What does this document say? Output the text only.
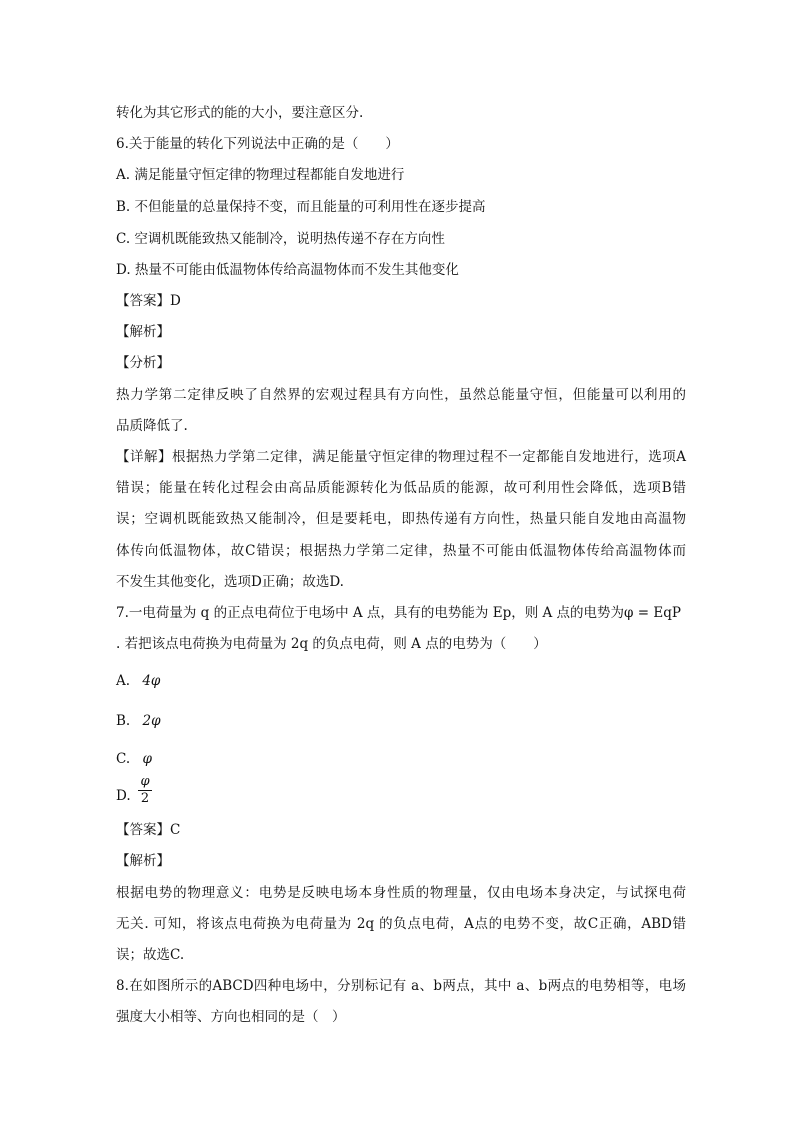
转化为其它形式的能的大小，要注意区分.
6.关于能量的转化下列说法中正确的是（　　）
A. 满足能量守恒定律的物理过程都能自发地进行
B. 不但能量的总量保持不变，而且能量的可利用性在逐步提高
C. 空调机既能致热又能制冷，说明热传递不存在方向性
D. 热量不可能由低温物体传给高温物体而不发生其他变化
【答案】D
【解析】
【分析】
热力学第二定律反映了自然界的宏观过程具有方向性，虽然总能量守恒，但能量可以利用的
品质降低了.
【详解】根据热力学第二定律，满足能量守恒定律的物理过程不一定都能自发地进行，选项A
错误；能量在转化过程会由高品质能源转化为低品质的能源，故可利用性会降低，选项B错
误；空调机既能致热又能制冷，但是要耗电，即热传递有方向性，热量只能自发地由高温物
体传向低温物体，故C错误；根据热力学第二定律，热量不可能由低温物体传给高温物体而
不发生其他变化，选项D正确；故选D.
7.一电荷量为 q 的正点电荷位于电场中 A 点，具有的电势能为 Ep，则 A 点的电势为φ = EqP
. 若把该点电荷换为电荷量为 2q 的负点电荷，则 A 点的电势为（　　）
A. 4φ
B. 2φ
C. φ
D. $\frac{\varphi}{2}$
【答案】C
【解析】
根据电势的物理意义：电势是反映电场本身性质的物理量，仅由电场本身决定，与试探电荷
无关. 可知，将该点电荷换为电荷量为 2q 的负点电荷，A点的电势不变，故C正确，ABD错
误；故选C.
8.在如图所示的ABCD四种电场中，分别标记有 a、b两点，其中 a、b两点的电势相等，电场
强度大小相等、方向也相同的是（　）
